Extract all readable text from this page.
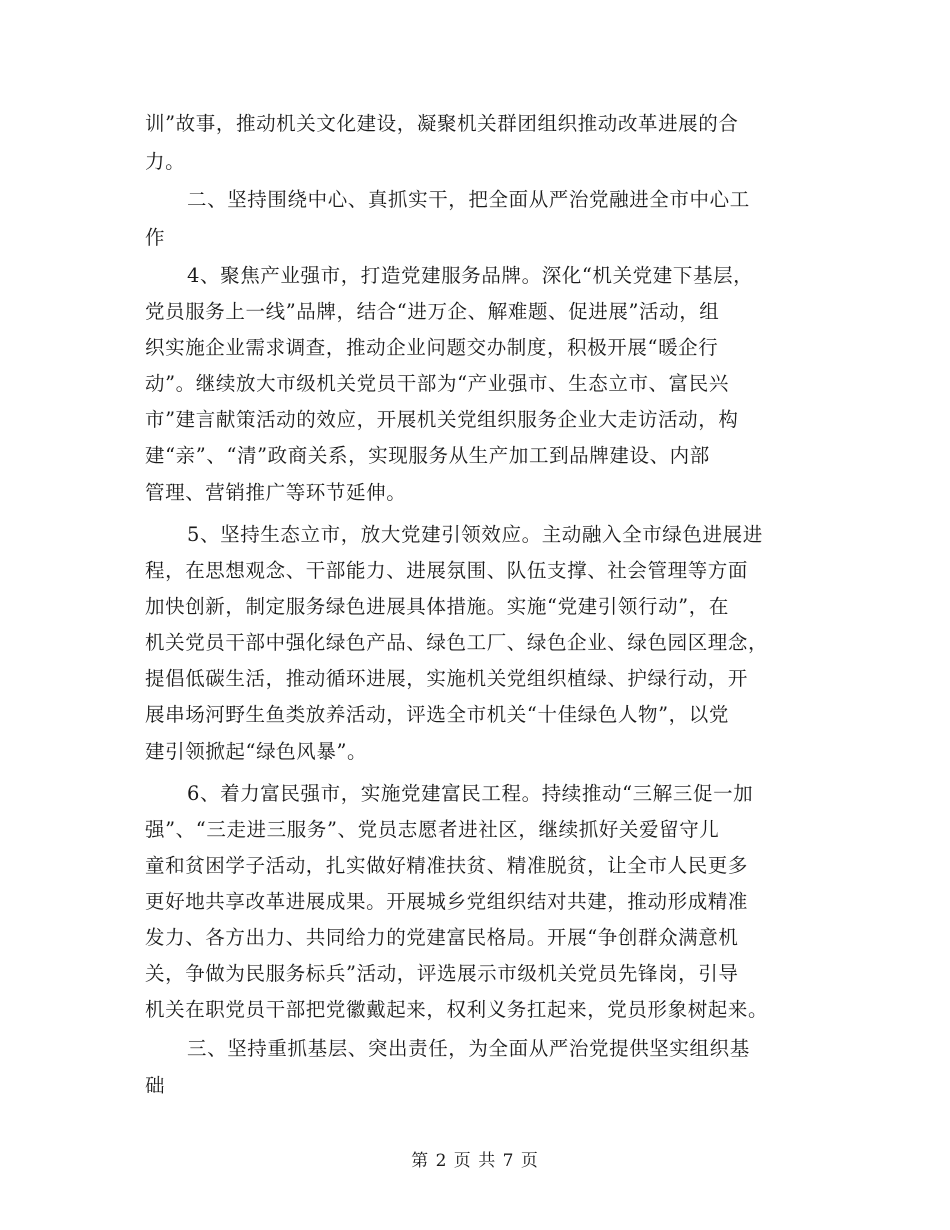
训”故事，推动机关文化建设，凝聚机关群团组织推动改革进展的合
力。
二、坚持围绕中心、真抓实干，把全面从严治党融进全市中心工
作
4、聚焦产业强市，打造党建服务品牌。深化“机关党建下基层，
党员服务上一线”品牌，结合“进万企、解难题、促进展”活动，组
织实施企业需求调查，推动企业问题交办制度，积极开展“暖企行
动”。继续放大市级机关党员干部为“产业强市、生态立市、富民兴
市”建言献策活动的效应，开展机关党组织服务企业大走访活动，构
建“亲”、“清”政商关系，实现服务从生产加工到品牌建设、内部
管理、营销推广等环节延伸。
5、坚持生态立市，放大党建引领效应。主动融入全市绿色进展进
程，在思想观念、干部能力、进展氛围、队伍支撑、社会管理等方面
加快创新，制定服务绿色进展具体措施。实施“党建引领行动”，在
机关党员干部中强化绿色产品、绿色工厂、绿色企业、绿色园区理念，
提倡低碳生活，推动循环进展，实施机关党组织植绿、护绿行动，开
展串场河野生鱼类放养活动，评选全市机关“十佳绿色人物”，以党
建引领掀起“绿色风暴”。
6、着力富民强市，实施党建富民工程。持续推动“三解三促一加
强”、“三走进三服务”、党员志愿者进社区，继续抓好关爱留守儿
童和贫困学子活动，扎实做好精准扶贫、精准脱贫，让全市人民更多
更好地共享改革进展成果。开展城乡党组织结对共建，推动形成精准
发力、各方出力、共同给力的党建富民格局。开展“争创群众满意机
关，争做为民服务标兵”活动，评选展示市级机关党员先锋岗，引导
机关在职党员干部把党徽戴起来，权利义务扛起来，党员形象树起来。
三、坚持重抓基层、突出责任，为全面从严治党提供坚实组织基
础
第 2 页 共 7 页
